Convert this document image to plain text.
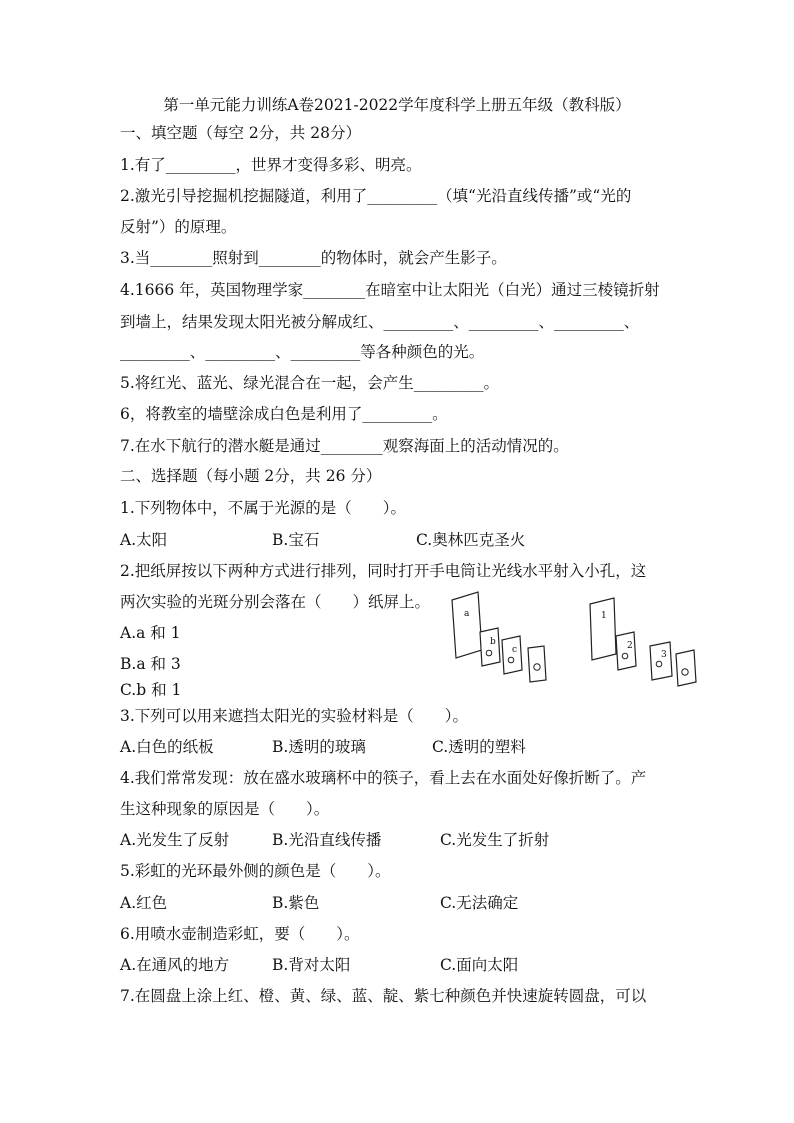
第一单元能力训练A卷2021-2022学年度科学上册五年级（教科版）
一、填空题（每空 2分，共 28分）
1.有了_________，世界才变得多彩、明亮。
2.激光引导挖掘机挖掘隧道，利用了_________（填“光沿直线传播”或“光的
反射”）的原理。
3.当________照射到________的物体时，就会产生影子。
4.1666 年，英国物理学家________在暗室中让太阳光（白光）通过三棱镜折射
到墙上，结果发现太阳光被分解成红、_________、_________、_________、
_________、_________、_________等各种颜色的光。
5.将红光、蓝光、绿光混合在一起，会产生_________。
6，将教室的墙壁涂成白色是利用了_________。
7.在水下航行的潜水艇是通过________观察海面上的活动情况的。
二、选择题（每小题 2分，共 26 分）
1.下列物体中，不属于光源的是（　　）。
A.太阳	B.宝石	C.奥林匹克圣火
2.把纸屏按以下两种方式进行排列，同时打开手电筒让光线水平射入小孔，这
两次实验的光斑分别会落在（　　）纸屏上。
A.a 和 1
B.a 和 3
C.b 和 1
a
b
c
1
2
3
3.下列可以用来遮挡太阳光的实验材料是（　　）。
A.白色的纸板	B.透明的玻璃	C.透明的塑料
4.我们常常发现：放在盛水玻璃杯中的筷子，看上去在水面处好像折断了。产
生这种现象的原因是（　　）。
A.光发生了反射	B.光沿直线传播	C.光发生了折射
5.彩虹的光环最外侧的颜色是（　　）。
A.红色	B.紫色	C.无法确定
6.用喷水壶制造彩虹，要（　　）。
A.在通风的地方	B.背对太阳	C.面向太阳
7.在圆盘上涂上红、橙、黄、绿、蓝、靛、紫七种颜色并快速旋转圆盘，可以
